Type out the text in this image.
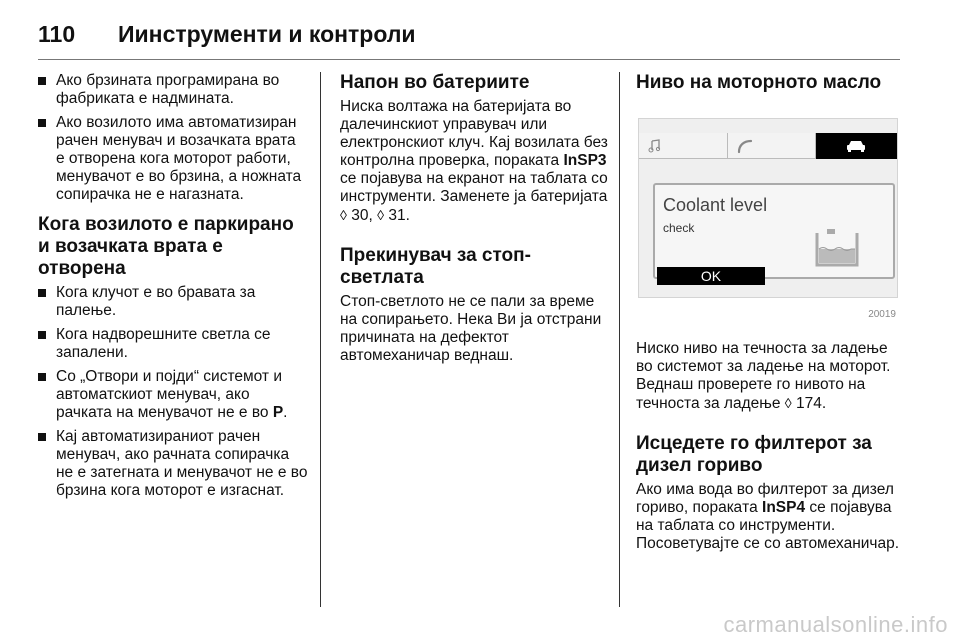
110	Иинструменти и контроли
Ако брзината програмирана во фабриката е надмината.
Ако возилото има автоматизиран рачен менувач и возачката врата е отворена кога моторот работи, менувачот е во брзина, а ножната сопирачка не е нагазната.
Кога возилото е паркирано и возачката врата е отворена
Кога клучот е во бравата за палење.
Кога надворешните светла се запалени.
Со „Отвори и појди“ системот и автоматскиот менувач, ако рачката на менувачот не е во P.
Кај автоматизираниот рачен менувач, ако рачната сопирачка не е затегната и менувачот не е во брзина кога моторот е изгаснат.
Напон во батериите
Ниска волтажа на батеријата во далечинскиот управувач или електронскиот клуч. Кај возилата без контролна проверка, поракaта InSP3 се појавува на екранот на таблата со инструменти. Заменете ја батеријата ◊ 30, ◊ 31.
Прекинувач за стоп-светлата
Стоп-светлото не се пали за време на сопирањето. Нека Ви ја отстрани причината на дефектот автомеханичар веднаш.
Ниво на моторното масло
Coolant level
check
OK
20019
Ниско ниво на течноста за ладење во системот за ладење на моторот. Веднаш проверете го нивото на течноста за ладење ◊ 174.
Исцедете го филтерот за дизел гориво
Ако има вода во филтерот за дизел гориво, поракaта InSP4 се појавува на таблата со инструменти. Посоветувајте се со автомеханичар.
carmanualsonline.info
